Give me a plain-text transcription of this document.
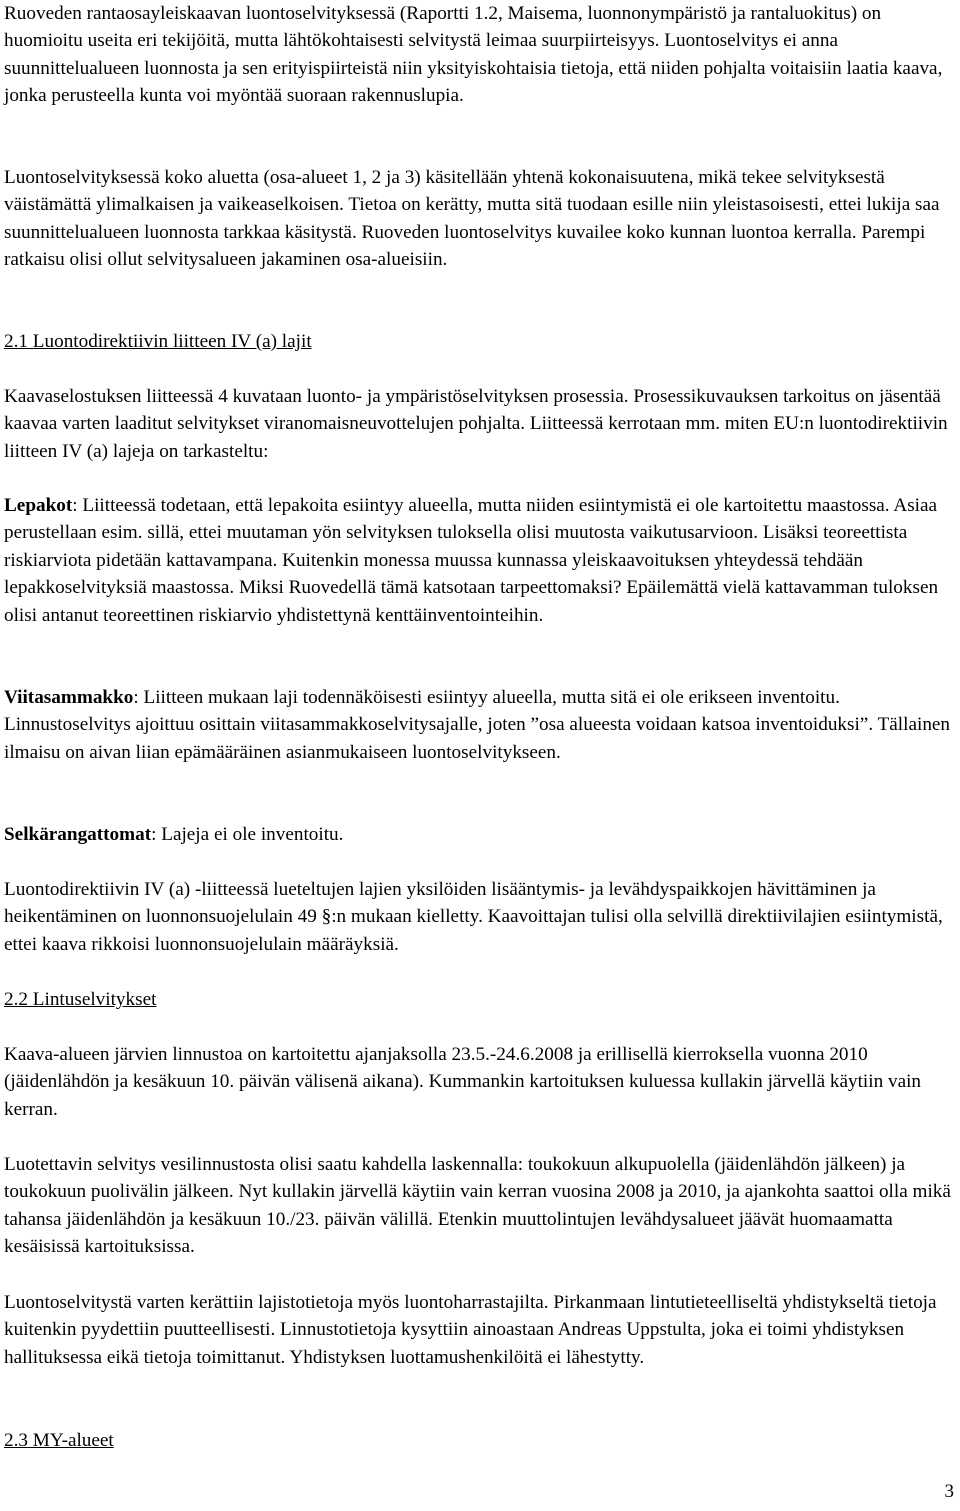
Ruoveden rantaosayleiskaavan luontoselvityksessä (Raportti 1.2, Maisema, luonnonympäristö ja rantaluokitus) on huomioitu useita eri tekijöitä, mutta lähtökohtaisesti selvitystä leimaa suurpiirteisyys. Luontoselvitys ei anna suunnittelualueen luonnosta ja sen erityispiirteistä niin yksityiskohtaisia tietoja, että niiden pohjalta voitaisiin laatia kaava, jonka perusteella kunta voi myöntää suoraan rakennuslupia.

Luontoselvityksessä koko aluetta (osa-alueet 1, 2 ja 3) käsitellään yhtenä kokonaisuutena, mikä tekee selvityksestä väistämättä ylimalkaisen ja vaikeaselkoisen. Tietoa on kerätty, mutta sitä tuodaan esille niin yleistasoisesti, ettei lukija saa suunnittelualueen luonnosta tarkkaa käsitystä. Ruoveden luontoselvitys kuvailee koko kunnan luontoa kerralla. Parempi ratkaisu olisi ollut selvitysalueen jakaminen osa-alueisiin.

2.1 Luontodirektiivin liitteen IV (a) lajit

Kaavaselostuksen liitteessä 4 kuvataan luonto- ja ympäristöselvityksen prosessia. Prosessikuvauksen tarkoitus on jäsentää kaavaa varten laaditut selvitykset viranomaisneuvottelujen pohjalta. Liitteessä kerrotaan mm. miten EU:n luontodirektiivin liitteen IV (a) lajeja on tarkasteltu:

Lepakot: Liitteessä todetaan, että lepakoita esiintyy alueella, mutta niiden esiintymistä ei ole kartoitettu maastossa. Asiaa perustellaan esim. sillä, ettei muutaman yön selvityksen tuloksella olisi muutosta vaikutusarvioon. Lisäksi teoreettista riskiarviota pidetään kattavampana. Kuitenkin monessa muussa kunnassa yleiskaavoituksen yhteydessä tehdään lepakkoselvityksiä maastossa. Miksi Ruovedellä tämä katsotaan tarpeettomaksi? Epäilemättä vielä kattavamman tuloksen olisi antanut teoreettinen riskiarvio yhdistettynä kenttäinventointeihin.

Viitasammakko: Liitteen mukaan laji todennäköisesti esiintyy alueella, mutta sitä ei ole erikseen inventoitu. Linnustoselvitys ajoittuu osittain viitasammakkoselvitysajalle, joten ”osa alueesta voidaan katsoa inventoiduksi”. Tällainen ilmaisu on aivan liian epämääräinen asianmukaiseen luontoselvitykseen.

Selkärangattomat: Lajeja ei ole inventoitu.

Luontodirektiivin IV (a) -liitteessä lueteltujen lajien yksilöiden lisääntymis- ja levähdyspaikkojen hävittäminen ja heikentäminen on luonnonsuojelulain 49 §:n mukaan kielletty. Kaavoittajan tulisi olla selvillä direktiivilajien esiintymistä, ettei kaava rikkoisi luonnonsuojelulain määräyksiä.

2.2 Lintuselvitykset

Kaava-alueen järvien linnustoa on kartoitettu ajanjaksolla 23.5.-24.6.2008 ja erillisellä kierroksella vuonna 2010 (jäidenlähdön ja kesäkuun 10. päivän välisenä aikana). Kummankin kartoituksen kuluessa kullakin järvellä käytiin vain kerran.

Luotettavin selvitys vesilinnustosta olisi saatu kahdella laskennalla: toukokuun alkupuolella (jäidenlähdön jälkeen) ja toukokuun puolivälin jälkeen. Nyt kullakin järvellä käytiin vain kerran vuosina 2008 ja 2010, ja ajankohta saattoi olla mikä tahansa jäidenlähdön ja kesäkuun 10./23. päivän välillä. Etenkin muuttolintujen levähdysalueet jäävät huomaamatta kesäisissä kartoituksissa.

Luontoselvitystä varten kerättiin lajistotietoja myös luontoharrastajilta. Pirkanmaan lintutieteelliseltä yhdistykseltä tietoja kuitenkin pyydettiin puutteellisesti. Linnustotietoja kysyttiin ainoastaan Andreas Uppstulta, joka ei toimi yhdistyksen hallituksessa eikä tietoja toimittanut. Yhdistyksen luottamushenkilöitä ei lähestytty.

2.3 MY-alueet

3
